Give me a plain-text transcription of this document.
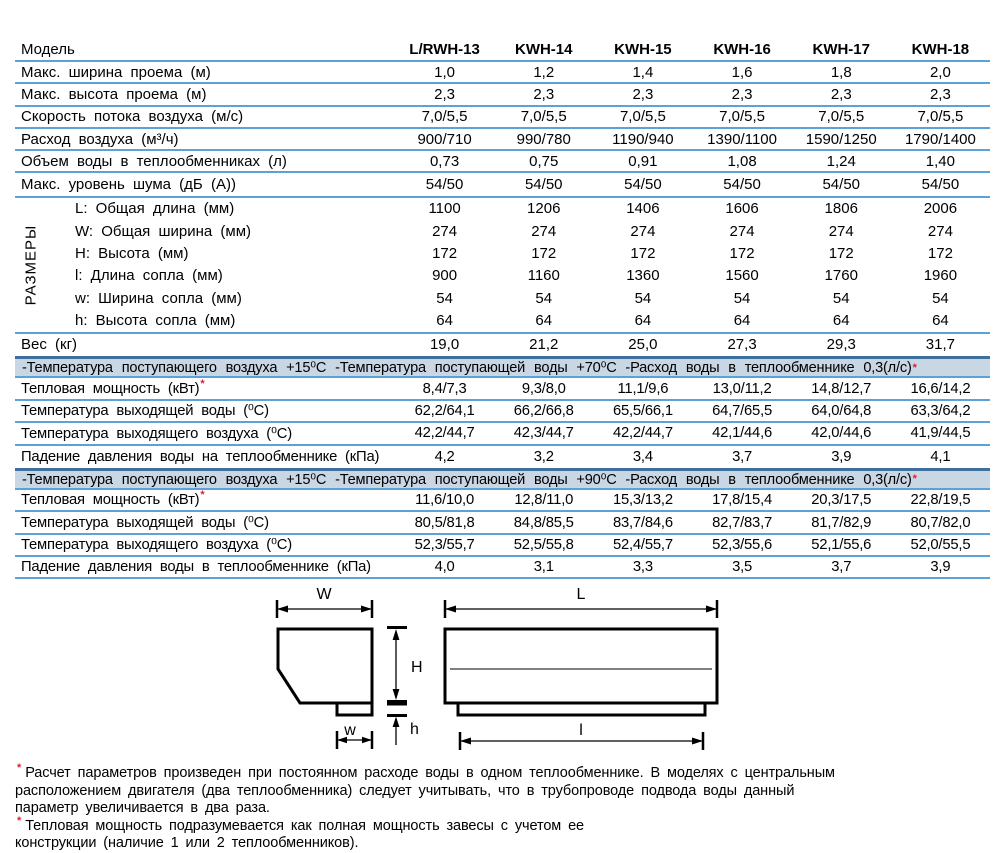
Модель	L/RWH-13	KWH-14	KWH-15	KWH-16	KWH-17	KWH-18
Макс. ширина проема (м)	1,0	1,2	1,4	1,6	1,8	2,0
Макс. высота проема (м)	2,3	2,3	2,3	2,3	2,3	2,3
Скорость потока воздуха (м/с)	7,0/5,5	7,0/5,5	7,0/5,5	7,0/5,5	7,0/5,5	7,0/5,5
Расход воздуха (м³/ч)	900/710	990/780	1190/940	1390/1100	1590/1250	1790/1400
Объем воды в теплообменниках (л)	0,73	0,75	0,91	1,08	1,24	1,40
Макс. уровень шума (дБ (А))	54/50	54/50	54/50	54/50	54/50	54/50
РАЗМЕРЫ
L: Общая длина (мм)	1100	1206	1406	1606	1806	2006
W: Общая ширина (мм)	274	274	274	274	274	274
H: Высота (мм)	172	172	172	172	172	172
l: Длина сопла (мм)	900	1160	1360	1560	1760	1960
w: Ширина сопла (мм)	54	54	54	54	54	54
h: Высота сопла (мм)	64	64	64	64	64	64
Вес (кг)	19,0	21,2	25,0	27,3	29,3	31,7
-Температура поступающего воздуха +15⁰С -Температура поступающей воды +70⁰С -Расход воды в теплообменнике 0,3(л/с) *
Тепловая мощность (кВт)*	8,4/7,3	9,3/8,0	11,1/9,6	13,0/11,2	14,8/12,7	16,6/14,2
Температура выходящей воды (⁰С)	62,2/64,1	66,2/66,8	65,5/66,1	64,7/65,5	64,0/64,8	63,3/64,2
Температура выходящего воздуха (⁰С)	42,2/44,7	42,3/44,7	42,2/44,7	42,1/44,6	42,0/44,6	41,9/44,5
Падение давления воды на теплообменнике (кПа)	4,2	3,2	3,4	3,7	3,9	4,1
-Температура поступающего воздуха +15⁰С -Температура поступающей воды +90⁰С -Расход воды в теплообменнике 0,3(л/с) *
Тепловая мощность (кВт)*	11,6/10,0	12,8/11,0	15,3/13,2	17,8/15,4	20,3/17,5	22,8/19,5
Температура выходящей воды (⁰С)	80,5/81,8	84,8/85,5	83,7/84,6	82,7/83,7	81,7/82,9	80,7/82,0
Температура выходящего воздуха (⁰С)	52,3/55,7	52,5/55,8	52,4/55,7	52,3/55,6	52,1/55,6	52,0/55,5
Падение давления воды в теплообменнике (кПа)	4,0	3,1	3,3	3,5	3,7	3,9
W
w
H
h
L
l
* Расчет параметров произведен при постоянном расходе воды в одном теплообменнике. В моделях с центральным расположением двигателя (два теплообменника) следует учитывать, что в трубопроводе подвода воды данный параметр увеличивается в два раза.
* Тепловая мощность подразумевается как полная мощность завесы с учетом ее конструкции (наличие 1 или 2 теплообменников).
